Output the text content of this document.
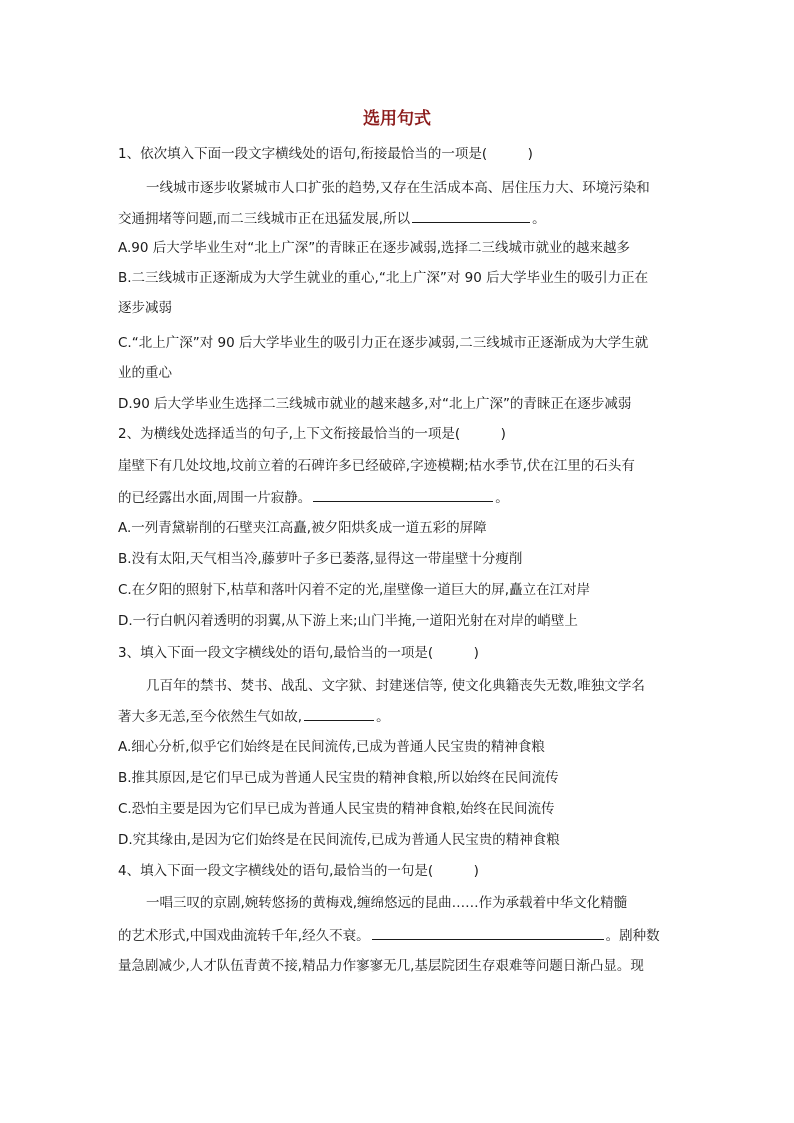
选用句式
1、依次填入下面一段文字横线处的语句,衔接最恰当的一项是(　　　)
一线城市逐步收紧城市人口扩张的趋势,又存在生活成本高、居住压力大、环境污染和
交通拥堵等问题,而二三线城市正在迅猛发展,所以	。
A.90 后大学毕业生对“北上广深”的青睐正在逐步减弱,选择二三线城市就业的越来越多
B.二三线城市正逐渐成为大学生就业的重心,“北上广深”对 90 后大学毕业生的吸引力正在
逐步减弱
C.“北上广深”对 90 后大学毕业生的吸引力正在逐步减弱,二三线城市正逐渐成为大学生就
业的重心
D.90 后大学毕业生选择二三线城市就业的越来越多,对“北上广深”的青睐正在逐步减弱
2、为横线处选择适当的句子,上下文衔接最恰当的一项是(　　　)
崖壁下有几处坟地,坟前立着的石碑许多已经破碎,字迹模糊;枯水季节,伏在江里的石头有
的已经露出水面,周围一片寂静。	。
A.一列青黛崭削的石壁夹江高矗,被夕阳烘炙成一道五彩的屏障
B.没有太阳,天气相当冷,藤萝叶子多已萎落,显得这一带崖壁十分瘦削
C.在夕阳的照射下,枯草和落叶闪着不定的光,崖壁像一道巨大的屏,矗立在江对岸
D.一行白帆闪着透明的羽翼,从下游上来;山门半掩,一道阳光射在对岸的峭壁上
3、填入下面一段文字横线处的语句,最恰当的一项是(　　　)
几百年的禁书、焚书、战乱、文字狱、封建迷信等, 使文化典籍丧失无数,唯独文学名
著大多无恙,至今依然生气如故,	。
A.细心分析,似乎它们始终是在民间流传,已成为普通人民宝贵的精神食粮
B.推其原因,是它们早已成为普通人民宝贵的精神食粮,所以始终在民间流传
C.恐怕主要是因为它们早已成为普通人民宝贵的精神食粮,始终在民间流传
D.究其缘由,是因为它们始终是在民间流传,已成为普通人民宝贵的精神食粮
4、填入下面一段文字横线处的语句,最恰当的一句是(　　　)
一唱三叹的京剧,婉转悠扬的黄梅戏,缠绵悠远的昆曲……作为承载着中华文化精髓
的艺术形式,中国戏曲流转千年,经久不衰。	。剧种数
量急剧减少,人才队伍青黄不接,精品力作寥寥无几,基层院团生存艰难等问题日渐凸显。现
